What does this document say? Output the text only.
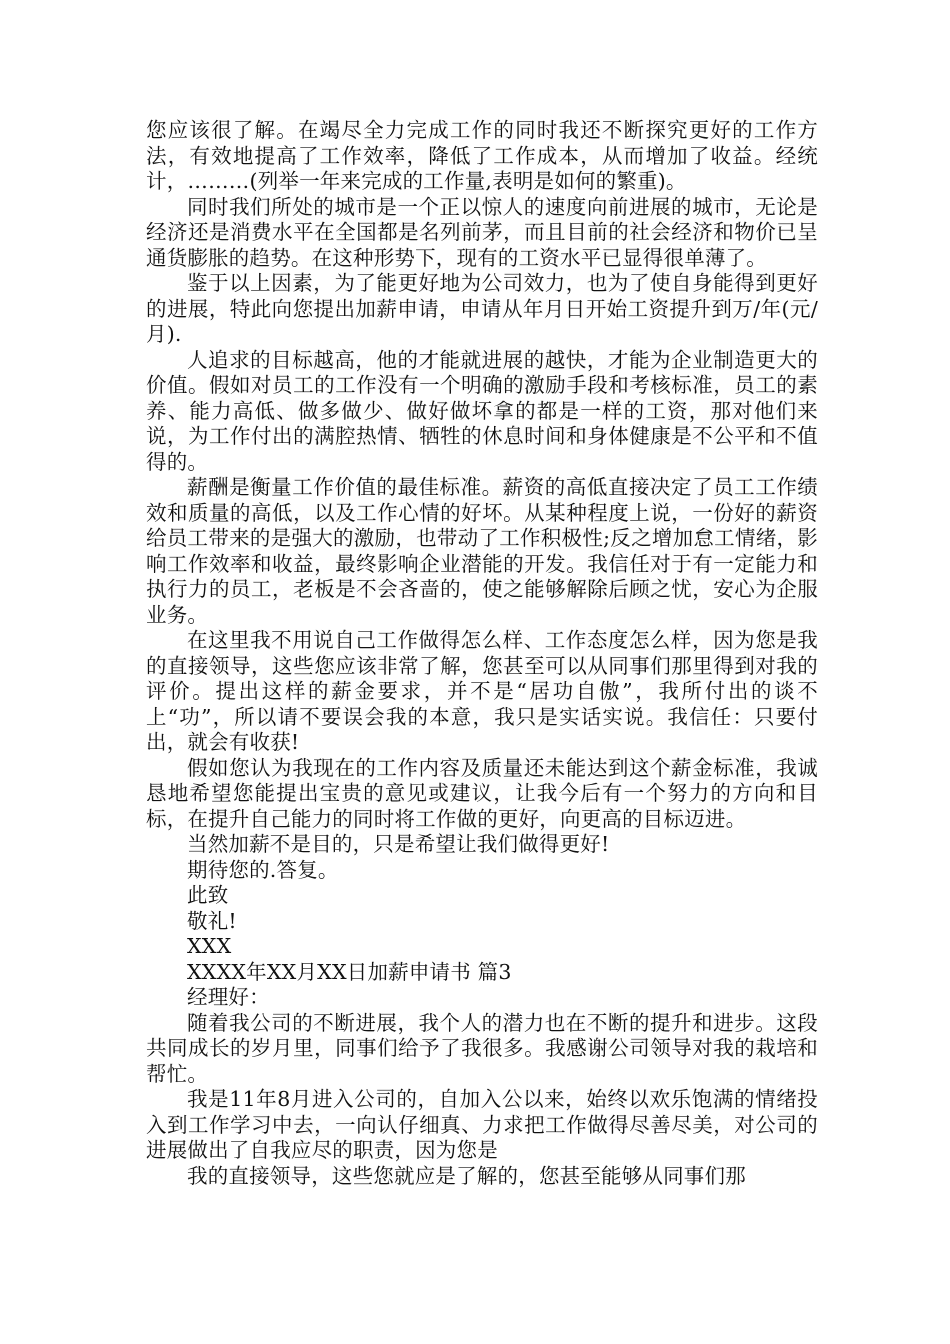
您应该很了解。在竭尽全力完成工作的同时我还不断探究更好的工作方法，有效地提高了工作效率，降低了工作成本，从而增加了收益。经统计，………(列举一年来完成的工作量,表明是如何的繁重)。

同时我们所处的城市是一个正以惊人的速度向前进展的城市，无论是经济还是消费水平在全国都是名列前茅，而且目前的社会经济和物价已呈通货膨胀的趋势。在这种形势下，现有的工资水平已显得很单薄了。

鉴于以上因素，为了能更好地为公司效力，也为了使自身能得到更好的进展，特此向您提出加薪申请，申请从年月日开始工资提升到万/年(元/月).

人追求的目标越高，他的才能就进展的越快，才能为企业制造更大的价值。假如对员工的工作没有一个明确的激励手段和考核标准，员工的素养、能力高低、做多做少、做好做坏拿的都是一样的工资，那对他们来说，为工作付出的满腔热情、牺牲的休息时间和身体健康是不公平和不值得的。

薪酬是衡量工作价值的最佳标准。薪资的高低直接决定了员工工作绩效和质量的高低，以及工作心情的好坏。从某种程度上说，一份好的薪资给员工带来的是强大的激励，也带动了工作积极性;反之增加怠工情绪，影响工作效率和收益，最终影响企业潜能的开发。我信任对于有一定能力和执行力的员工，老板是不会吝啬的，使之能够解除后顾之忧，安心为企服业务。

在这里我不用说自己工作做得怎么样、工作态度怎么样，因为您是我的直接领导，这些您应该非常了解，您甚至可以从同事们那里得到对我的评价。提出这样的薪金要求，并不是“居功自傲”，我所付出的谈不上“功”，所以请不要误会我的本意，我只是实话实说。我信任：只要付出，就会有收获!

假如您认为我现在的工作内容及质量还未能达到这个薪金标准，我诚恳地希望您能提出宝贵的意见或建议，让我今后有一个努力的方向和目标，在提升自己能力的同时将工作做的更好，向更高的目标迈进。

当然加薪不是目的，只是希望让我们做得更好!

期待您的.答复。

此致

敬礼!

XXX

XXXX年XX月XX日加薪申请书 篇3

经理好：

随着我公司的不断进展，我个人的潜力也在不断的提升和进步。这段共同成长的岁月里，同事们给予了我很多。我感谢公司领导对我的栽培和帮忙。

我是11年8月进入公司的，自加入公以来，始终以欢乐饱满的情绪投入到工作学习中去，一向认仔细真、力求把工作做得尽善尽美，对公司的进展做出了自我应尽的职责，因为您是

我的直接领导，这些您就应是了解的，您甚至能够从同事们那
